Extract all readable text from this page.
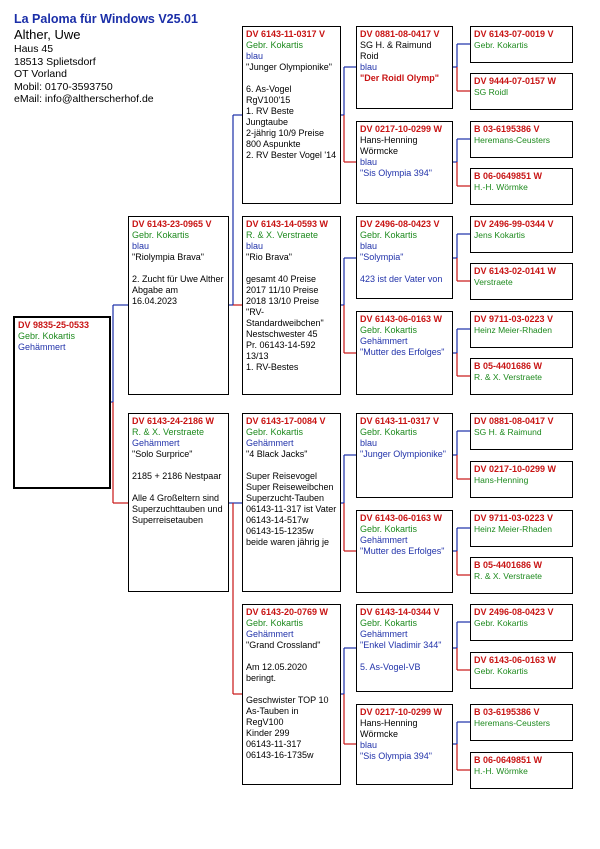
La Paloma für Windows V25.01
Alther, Uwe
Haus 45
18513 Splietsdorf
OT Vorland
Mobil: 0170-3593750
eMail: info@altherscherhof.de
DV 9835-25-0533
Gebr. Kokartis
Gehämmert
DV 6143-23-0965 V
Gebr. Kokartis
blau
"Riolympia Brava"
2. Zucht für Uwe Alther
Abgabe am 16.04.2023
DV 6143-24-2186 W
R. & X. Verstraete
Gehämmert
"Solo Surprice"
2185 + 2186 Nestpaar
Alle 4 Großeltern sind Superzuchttauben und Superreisetauben
DV 6143-11-0317 V
Gebr. Kokartis
blau
"Junger Olympionike"
6. As-Vogel RgV100'15
1. RV Beste Jungtaube
2-jährig 10/9 Preise 800 Aspunkte
2. RV Bester Vogel '14
DV 6143-14-0593 W
R. & X. Verstraete
blau
"Rio Brava"
gesamt 40 Preise
2017 11/10 Preise
2018 13/10 Preise
"RV-Standardweibchen"
Nestschwester 45
Pr. 06143-14-592 13/13
1. RV-Bestes
DV 6143-17-0084 V
Gebr. Kokartis
Gehämmert
"4 Black Jacks"
Super Reisevogel
Super Reiseweibchen
Superzucht-Tauben
06143-11-317 ist Vater
06143-14-517w
06143-15-1235w
beide waren jährig je
DV 6143-20-0769 W
Gebr. Kokartis
Gehämmert
"Grand Crossland"
Am 12.05.2020 beringt.
Geschwister TOP 10 As-Tauben in RegV100
Kinder 299
06143-11-317
06143-16-1735w
DV 0881-08-0417 V
SG H. & Raimund Roid
blau
"Der Roidl Olymp"
DV 0217-10-0299 W
Hans-Henning Wörmcke
blau
"Sis Olympia 394"
DV 2496-08-0423 V
Gebr. Kokartis
blau
"Solympia"
423 ist der Vater von
DV 6143-06-0163 W
Gebr. Kokartis
Gehämmert
"Mutter des Erfolges"
DV 6143-11-0317 V
Gebr. Kokartis
blau
"Junger Olympionike"
DV 6143-06-0163 W
Gebr. Kokartis
Gehämmert
"Mutter des Erfolges"
DV 6143-14-0344 V
Gebr. Kokartis
Gehämmert
"Enkel Vladimir 344"
5. As-Vogel-VB
DV 0217-10-0299 W
Hans-Henning Wörmcke
blau
"Sis Olympia 394"
DV 6143-07-0019 V
Gebr. Kokartis
DV 9444-07-0157 W
SG Roidl
B 03-6195386 V
Heremans-Ceusters
B 06-0649851 W
H.-H. Wörmke
DV 2496-99-0344 V
Jens Kokartis
DV 6143-02-0141 W
Verstraete
DV 9711-03-0223 V
Heinz Meier-Rhaden
B 05-4401686 W
R. & X. Verstraete
DV 0881-08-0417 V
SG H. & Raimund
DV 0217-10-0299 W
Hans-Henning
DV 9711-03-0223 V
Heinz Meier-Rhaden
B 05-4401686 W
R. & X. Verstraete
DV 2496-08-0423 V
Gebr. Kokartis
DV 6143-06-0163 W
Gebr. Kokartis
B 03-6195386 V
Heremans-Ceusters
B 06-0649851 W
H.-H. Wörmke
